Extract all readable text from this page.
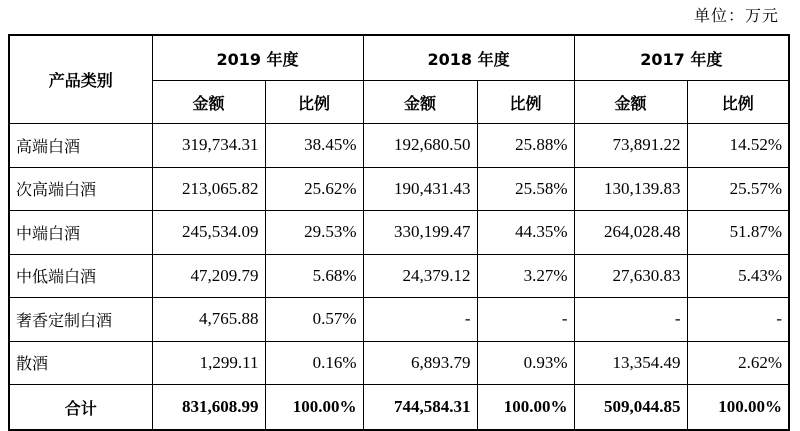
单位：万元
产品类别	2019 年度		2018 年度		2017 年度	
	金额	比例	金额	比例	金额	比例
高端白酒	319,734.31	38.45%	192,680.50	25.88%	73,891.22	14.52%
次高端白酒	213,065.82	25.62%	190,431.43	25.58%	130,139.83	25.57%
中端白酒	245,534.09	29.53%	330,199.47	44.35%	264,028.48	51.87%
中低端白酒	47,209.79	5.68%	24,379.12	3.27%	27,630.83	5.43%
奢香定制白酒	4,765.88	0.57%	-	-	-	-
散酒	1,299.11	0.16%	6,893.79	0.93%	13,354.49	2.62%
合计	831,608.99	100.00%	744,584.31	100.00%	509,044.85	100.00%
